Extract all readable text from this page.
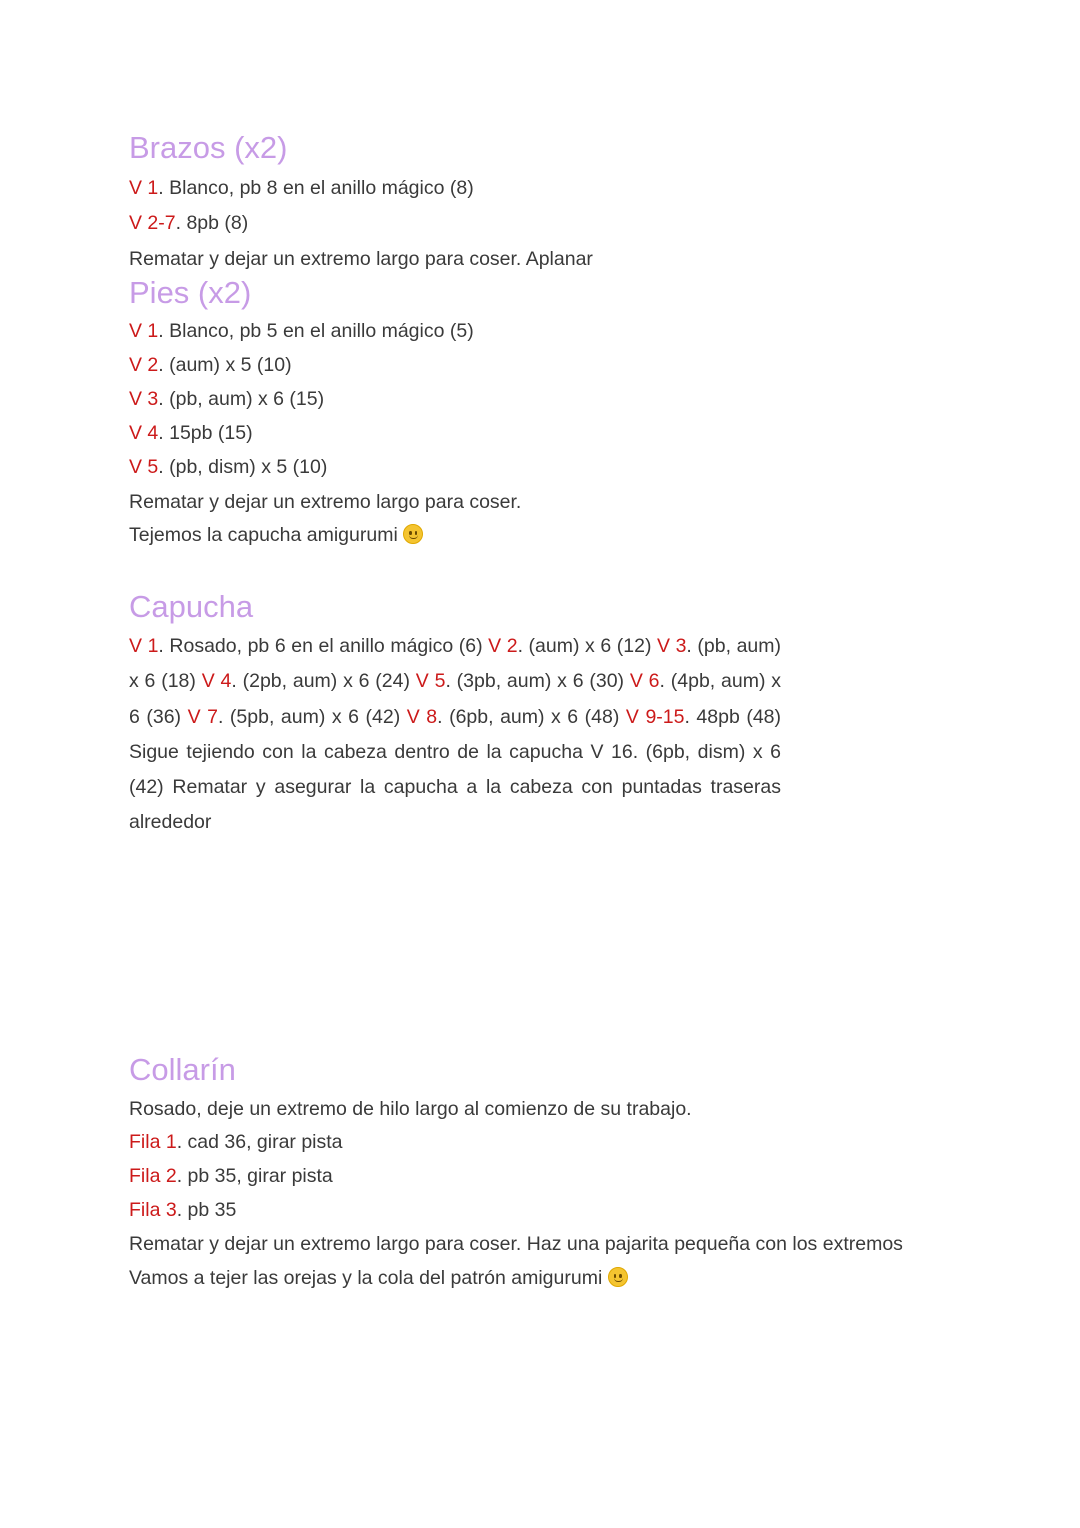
Brazos (x2)
V 1. Blanco, pb 8 en el anillo mágico (8)
V 2-7. 8pb (8)
Rematar y dejar un extremo largo para coser. Aplanar
Pies (x2)
V 1. Blanco, pb 5 en el anillo mágico (5)
V 2. (aum) x 5 (10)
V 3. (pb, aum) x 6 (15)
V 4. 15pb (15)
V 5. (pb, dism) x 5 (10)
Rematar y dejar un extremo largo para coser.
Tejemos la capucha amigurumi
Capucha
V 1. Rosado, pb 6 en el anillo mágico (6) V 2. (aum) x 6 (12) V 3. (pb, aum) x 6 (18) V 4. (2pb, aum) x 6 (24) V 5. (3pb, aum) x 6 (30) V 6. (4pb, aum) x 6 (36) V 7. (5pb, aum) x 6 (42) V 8. (6pb, aum) x 6 (48) V 9-15. 48pb (48) Sigue tejiendo con la cabeza dentro de la capucha V 16. (6pb, dism) x 6 (42) Rematar y asegurar la capucha a la cabeza con puntadas traseras alrededor
Collarín
Rosado, deje un extremo de hilo largo al comienzo de su trabajo.
Fila 1. cad 36, girar pista
Fila 2. pb 35, girar pista
Fila 3. pb 35
Rematar y dejar un extremo largo para coser. Haz una pajarita pequeña con los extremos
Vamos a tejer las orejas y la cola del patrón amigurumi
